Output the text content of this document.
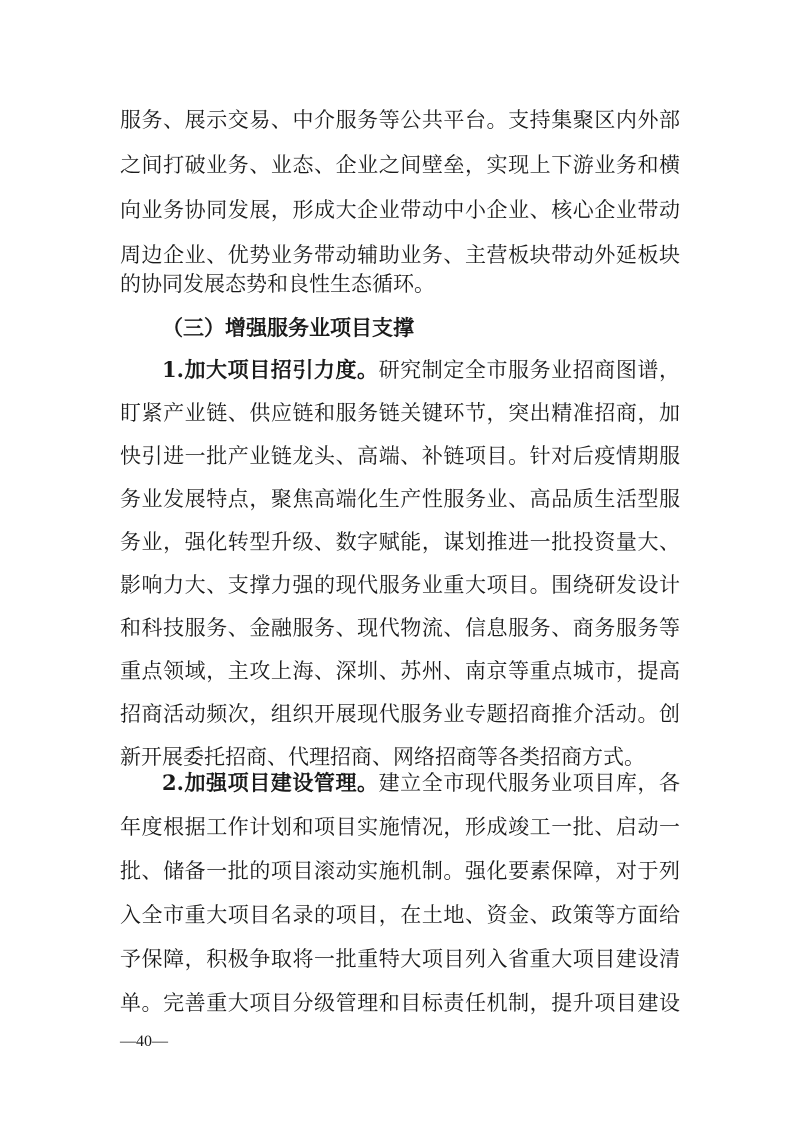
服务、展示交易、中介服务等公共平台。支持集聚区内外部
之间打破业务、业态、企业之间壁垒，实现上下游业务和横
向业务协同发展，形成大企业带动中小企业、核心企业带动
周边企业、优势业务带动辅助业务、主营板块带动外延板块
的协同发展态势和良性生态循环。
（三）增强服务业项目支撑
1.加大项目招引力度。研究制定全市服务业招商图谱，
盯紧产业链、供应链和服务链关键环节，突出精准招商，加
快引进一批产业链龙头、高端、补链项目。针对后疫情期服
务业发展特点，聚焦高端化生产性服务业、高品质生活型服
务业，强化转型升级、数字赋能，谋划推进一批投资量大、
影响力大、支撑力强的现代服务业重大项目。围绕研发设计
和科技服务、金融服务、现代物流、信息服务、商务服务等
重点领域，主攻上海、深圳、苏州、南京等重点城市，提高
招商活动频次，组织开展现代服务业专题招商推介活动。创
新开展委托招商、代理招商、网络招商等各类招商方式。
2.加强项目建设管理。建立全市现代服务业项目库，各
年度根据工作计划和项目实施情况，形成竣工一批、启动一
批、储备一批的项目滚动实施机制。强化要素保障，对于列
入全市重大项目名录的项目，在土地、资金、政策等方面给
予保障，积极争取将一批重特大项目列入省重大项目建设清
单。完善重大项目分级管理和目标责任机制，提升项目建设
—40—
